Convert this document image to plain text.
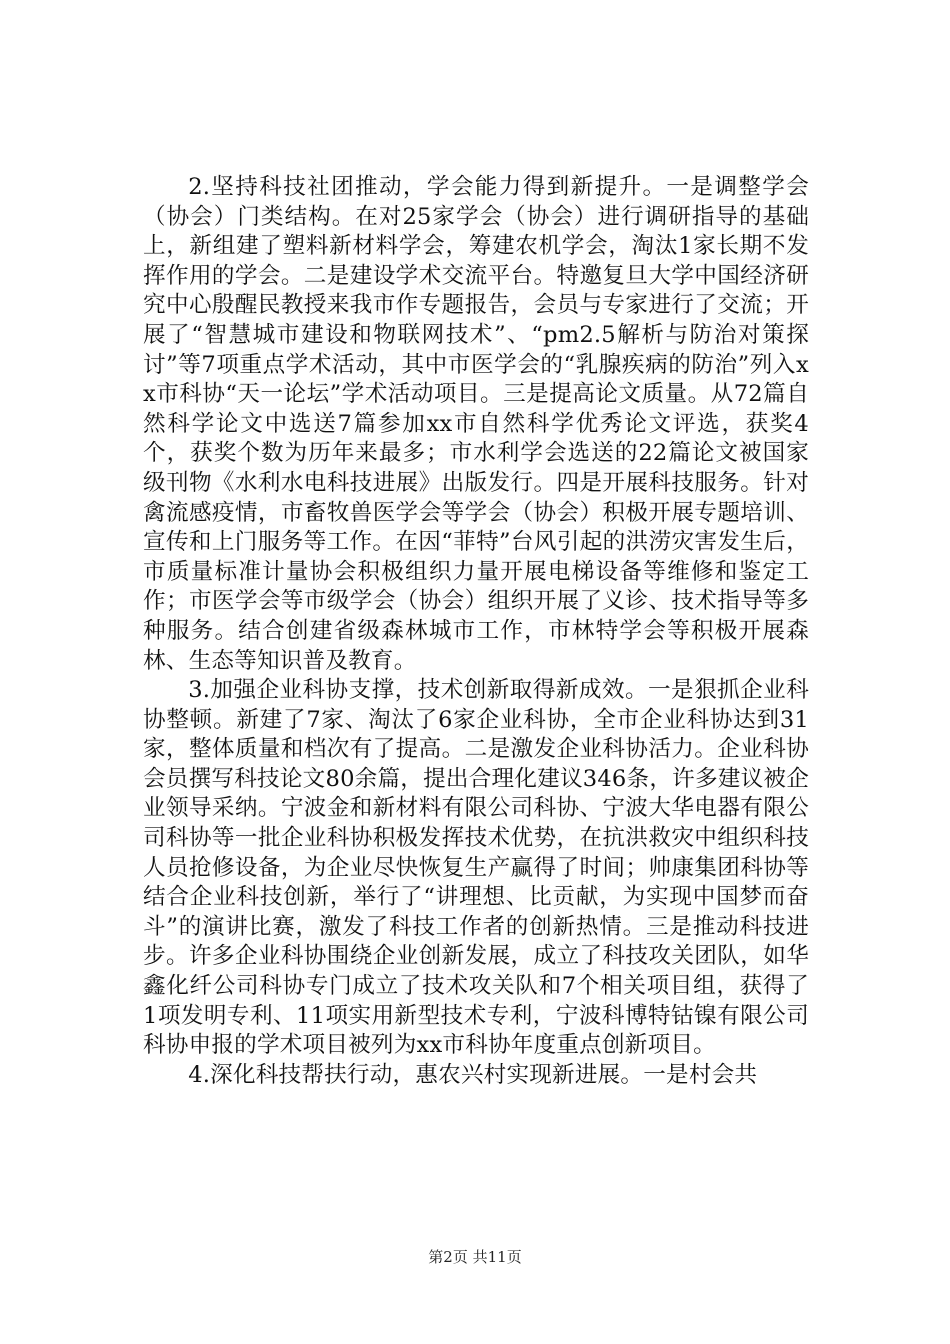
2.坚持科技社团推动，学会能力得到新提升。一是调整学会（协会）门类结构。在对25家学会（协会）进行调研指导的基础上，新组建了塑料新材料学会，筹建农机学会，淘汰1家长期不发挥作用的学会。二是建设学术交流平台。特邀复旦大学中国经济研究中心殷醒民教授来我市作专题报告，会员与专家进行了交流；开展了“智慧城市建设和物联网技术”、“pm2.5解析与防治对策探讨”等7项重点学术活动，其中市医学会的“乳腺疾病的防治”列入xx市科协“天一论坛”学术活动项目。三是提高论文质量。从72篇自然科学论文中选送7篇参加xx市自然科学优秀论文评选，获奖4个，获奖个数为历年来最多；市水利学会选送的22篇论文被国家级刊物《水利水电科技进展》出版发行。四是开展科技服务。针对禽流感疫情，市畜牧兽医学会等学会（协会）积极开展专题培训、宣传和上门服务等工作。在因“菲特”台风引起的洪涝灾害发生后，市质量标准计量协会积极组织力量开展电梯设备等维修和鉴定工作；市医学会等市级学会（协会）组织开展了义诊、技术指导等多种服务。结合创建省级森林城市工作，市林特学会等积极开展森林、生态等知识普及教育。

3.加强企业科协支撑，技术创新取得新成效。一是狠抓企业科协整顿。新建了7家、淘汰了6家企业科协，全市企业科协达到31家，整体质量和档次有了提高。二是激发企业科协活力。企业科协会员撰写科技论文80余篇，提出合理化建议346条，许多建议被企业领导采纳。宁波金和新材料有限公司科协、宁波大华电器有限公司科协等一批企业科协积极发挥技术优势，在抗洪救灾中组织科技人员抢修设备，为企业尽快恢复生产赢得了时间；帅康集团科协等结合企业科技创新，举行了“讲理想、比贡献，为实现中国梦而奋斗”的演讲比赛，激发了科技工作者的创新热情。三是推动科技进步。许多企业科协围绕企业创新发展，成立了科技攻关团队，如华鑫化纤公司科协专门成立了技术攻关队和7个相关项目组，获得了1项发明专利、11项实用新型技术专利，宁波科博特钴镍有限公司科协申报的学术项目被列为xx市科协年度重点创新项目。

4.深化科技帮扶行动，惠农兴村实现新进展。一是村会共

第2页 共11页
